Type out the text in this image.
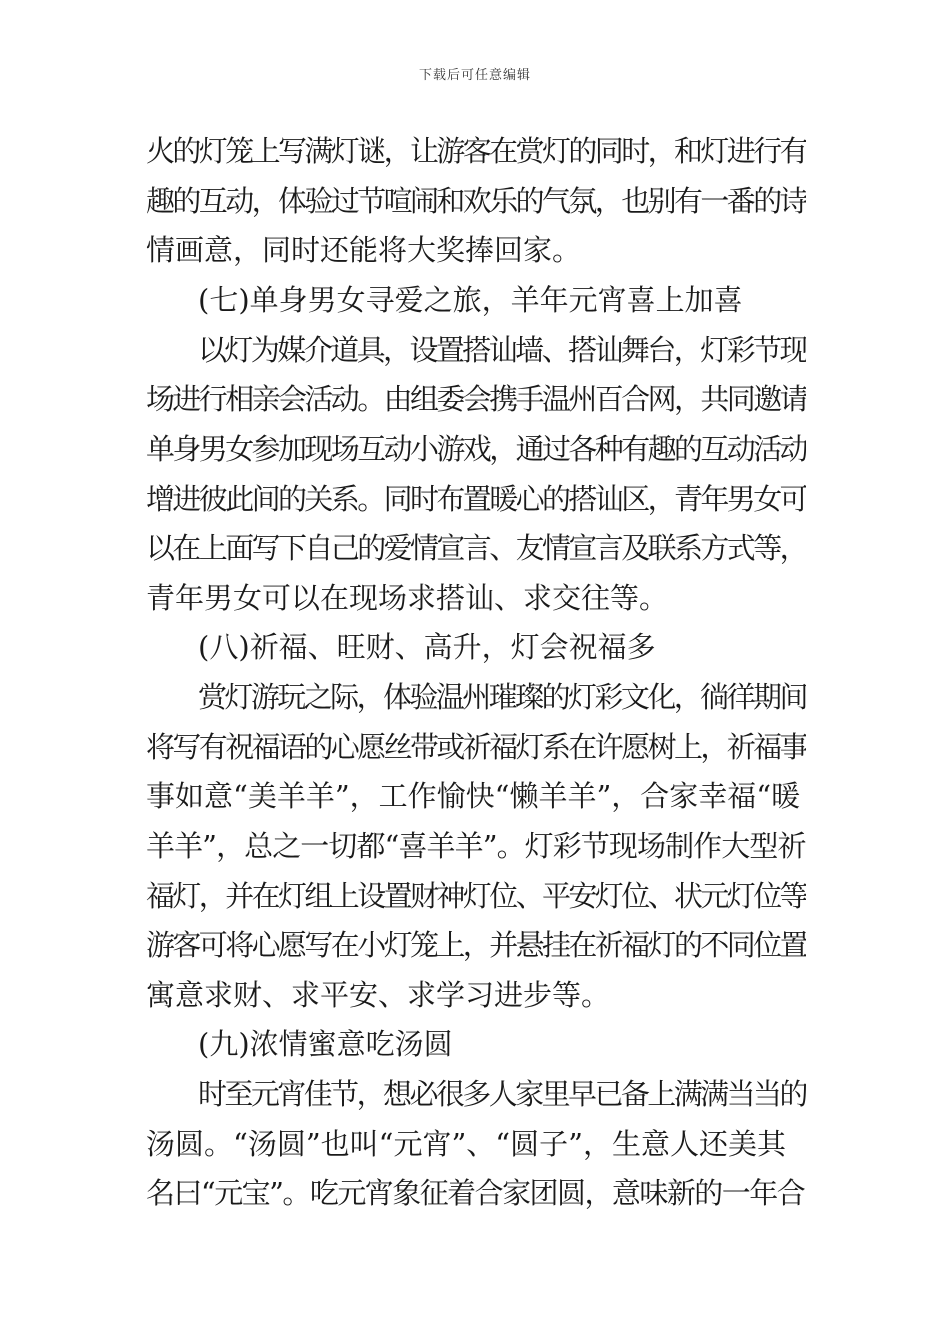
下载后可任意编辑
火的灯笼上写满灯谜，让游客在赏灯的同时，和灯进行有
趣的互动，体验过节喧闹和欢乐的气氛，也别有一番的诗
情画意，同时还能将大奖捧回家。
(七)单身男女寻爱之旅，羊年元宵喜上加喜
以灯为媒介道具，设置搭讪墙、搭讪舞台，灯彩节现
场进行相亲会活动。由组委会携手温州百合网，共同邀请
单身男女参加现场互动小游戏，通过各种有趣的互动活动
增进彼此间的关系。同时布置暖心的搭讪区，青年男女可
以在上面写下自己的爱情宣言、友情宣言及联系方式等，
青年男女可以在现场求搭讪、求交往等。
(八)祈福、旺财、高升，灯会祝福多
赏灯游玩之际，体验温州璀璨的灯彩文化，徜徉期间
将写有祝福语的心愿丝带或祈福灯系在许愿树上，祈福事
事如意“美羊羊”，工作愉快“懒羊羊”，合家幸福“暖
羊羊”，总之一切都“喜羊羊”。灯彩节现场制作大型祈
福灯，并在灯组上设置财神灯位、平安灯位、状元灯位等
游客可将心愿写在小灯笼上，并悬挂在祈福灯的不同位置
寓意求财、求平安、求学习进步等。
(九)浓情蜜意吃汤圆
时至元宵佳节，想必很多人家里早已备上满满当当的
汤圆。“汤圆”也叫“元宵”、“圆子”，生意人还美其
名曰“元宝”。吃元宵象征着合家团圆，意味新的一年合
